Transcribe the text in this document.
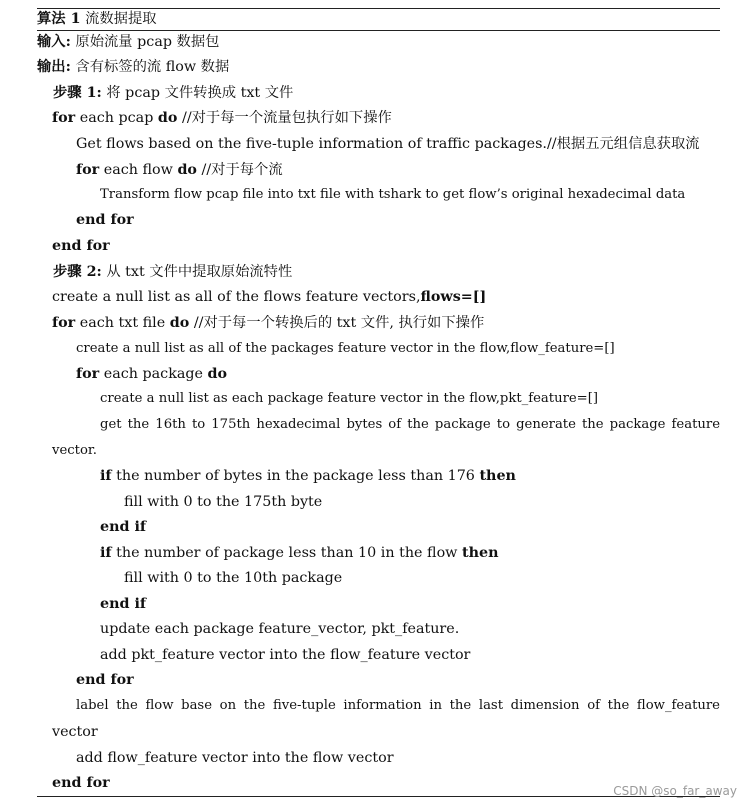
算法 1 流数据提取
输入: 原始流量 pcap 数据包
输出: 含有标签的流 flow 数据
步骤 1: 将 pcap 文件转换成 txt 文件
for each pcap do //对于每一个流量包执行如下操作
Get flows based on the five-tuple information of traffic packages.//根据五元组信息获取流
for each flow do //对于每个流
Transform flow pcap file into txt file with tshark to get flow’s original hexadecimal data
end for
end for
步骤 2: 从 txt 文件中提取原始流特性
create a null list as all of the flows feature vectors,flows=[]
for each txt file do //对于每一个转换后的 txt 文件, 执行如下操作
create a null list as all of the packages feature vector in the flow,flow_feature=[]
for each package do
create a null list as each package feature vector in the flow,pkt_feature=[]
get the 16th to 175th hexadecimal bytes of the package to generate the package feature
vector.
if the number of bytes in the package less than 176 then
fill with 0 to the 175th byte
end if
if the number of package less than 10 in the flow then
fill with 0 to the 10th package
end if
update each package feature_vector, pkt_feature.
add pkt_feature vector into the flow_feature vector
end for
label the flow base on the five-tuple information in the last dimension of the flow_feature
vector
add flow_feature vector into the flow vector
end for	CSDN @so_far_away
